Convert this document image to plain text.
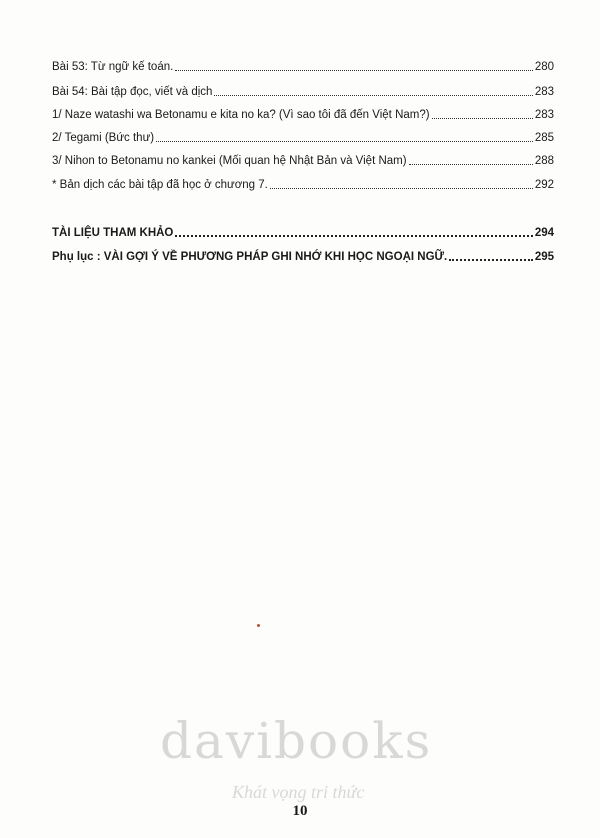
Bài 53: Từ ngữ kế toán.	280
Bài 54: Bài tập đọc, viết và dịch	283
1/ Naze watashi wa Betonamu e kita no ka? (Vì sao tôi đã đến Việt Nam?)	283
2/ Tegami (Bức thư)	285
3/ Nihon to Betonamu no kankei (Mối quan hệ Nhật Bản và Việt Nam)	288
* Bản dịch các bài tập đã học ở chương 7.	292
TÀI LIỆU THAM KHẢO	294
Phụ lục : VÀI GỢI Ý VỀ PHƯƠNG PHÁP GHI NHỚ KHI HỌC NGOẠI NGỮ.	295
davibooks
Khát vọng tri thức
10
